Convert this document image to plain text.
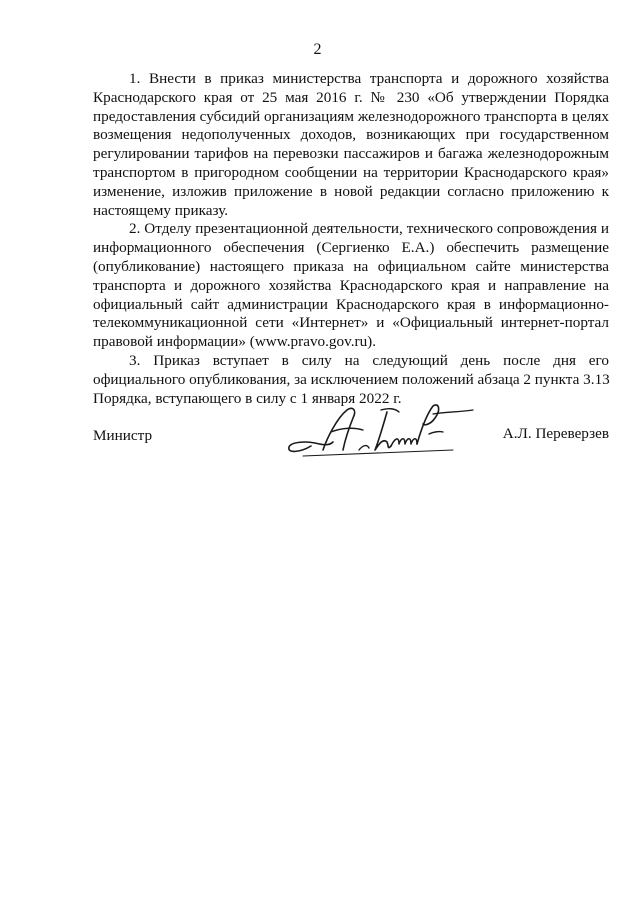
2

1. Внести в приказ министерства транспорта и дорожного хозяйства
Краснодарского края от 25 мая 2016 г. № 230 «Об утверждении Порядка
предоставления субсидий организациям железнодорожного транспорта в целях
возмещения недополученных доходов, возникающих при государственном
регулировании тарифов на перевозки пассажиров и багажа железнодорожным
транспортом в пригородном сообщении на территории Краснодарского края»
изменение, изложив приложение в новой редакции согласно приложению к
настоящему приказу.

2. Отделу презентационной деятельности, технического сопровождения и
информационного обеспечения (Сергиенко Е.А.) обеспечить размещение
(опубликование) настоящего приказа на официальном сайте министерства
транспорта и дорожного хозяйства Краснодарского края и направление на
официальный сайт администрации Краснодарского края в информационно-
телекоммуникационной сети «Интернет» и «Официальный интернет-портал
правовой информации» (www.pravo.gov.ru).

3. Приказ вступает в силу на следующий день после дня его
официального опубликования, за исключением положений абзаца 2 пункта 3.13
Порядка, вступающего в силу с 1 января 2022 г.

Министр	А.Л. Переверзев
